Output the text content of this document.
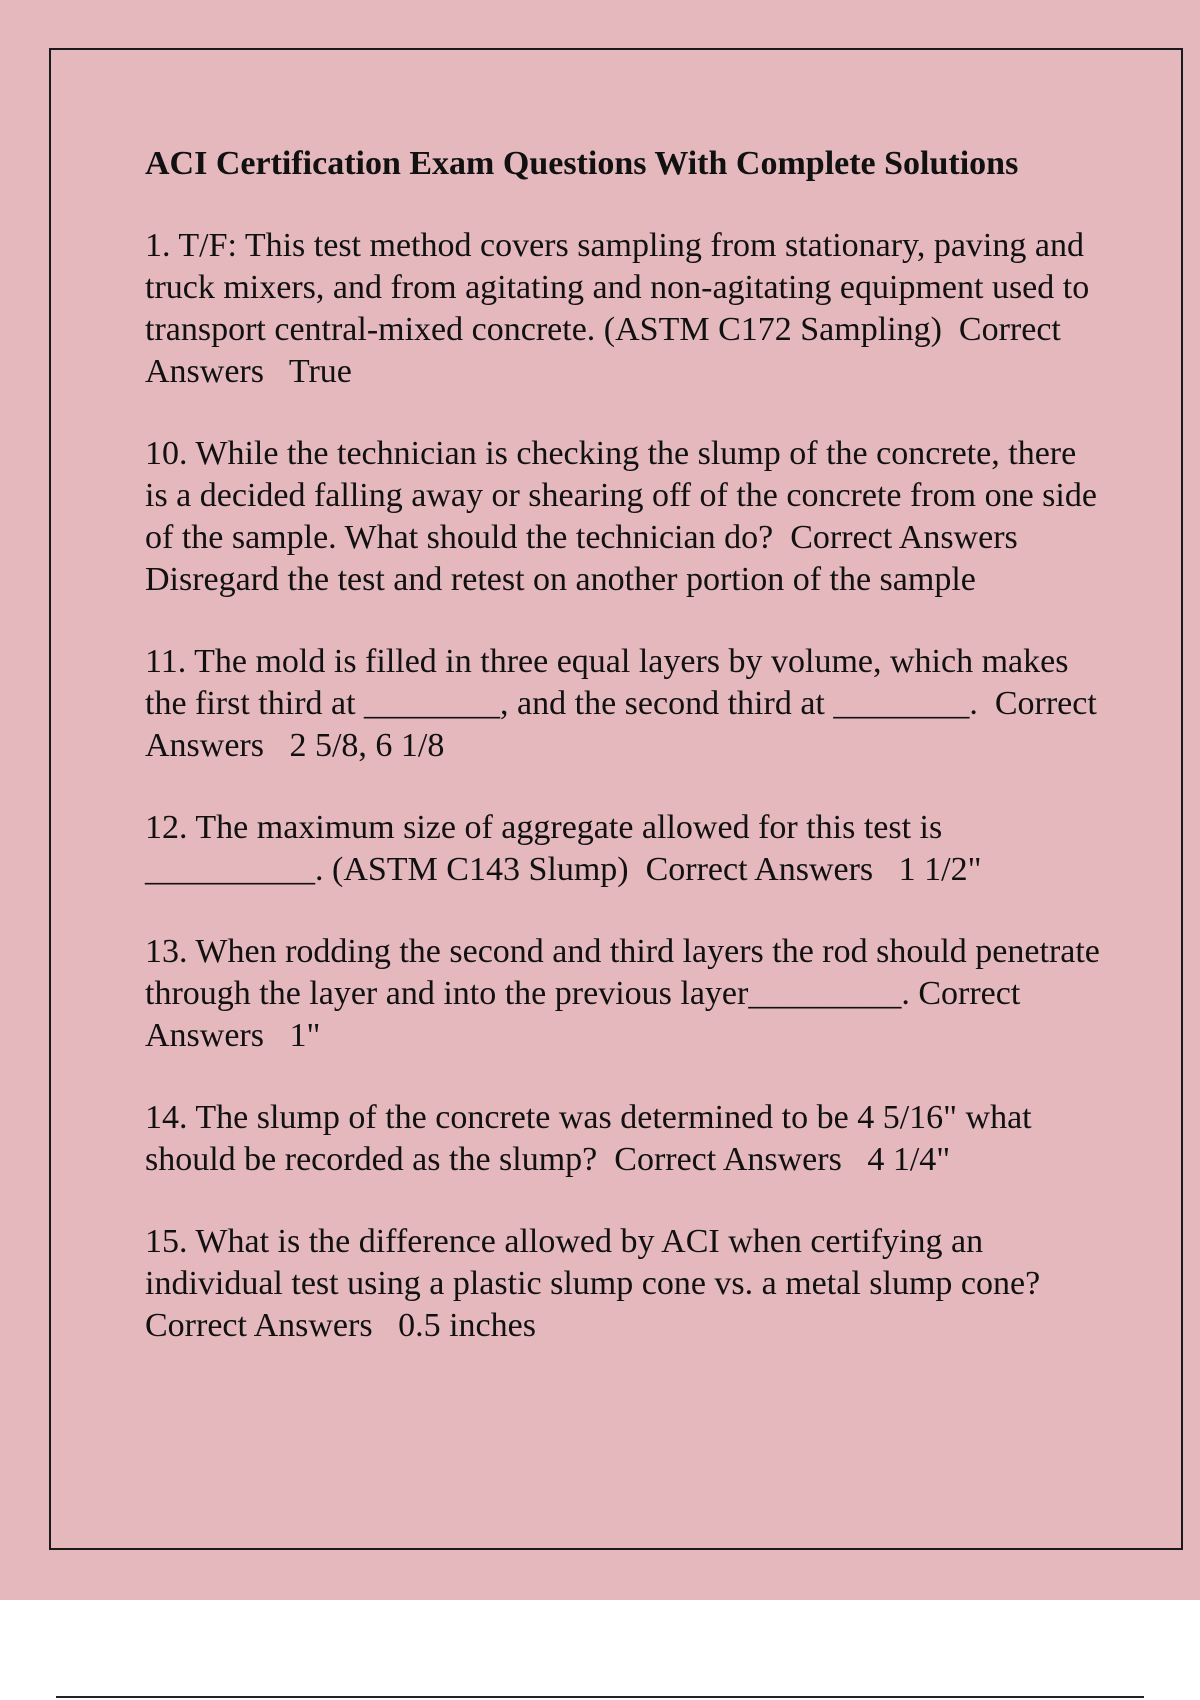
ACI Certification Exam Questions With Complete Solutions
1. T/F: This test method covers sampling from stationary, paving and truck mixers, and from agitating and non-agitating equipment used to transport central-mixed concrete. (ASTM C172 Sampling) Correct Answers True
10. While the technician is checking the slump of the concrete, there is a decided falling away or shearing off of the concrete from one side of the sample. What should the technician do? Correct Answers   Disregard the test and retest on another portion of the sample
11. The mold is filled in three equal layers by volume, which makes the first third at ________, and the second third at ________. Correct Answers 2 5/8, 6 1/8
12. The maximum size of aggregate allowed for this test is __________. (ASTM C143 Slump) Correct Answers 1 1/2"
13. When rodding the second and third layers the rod should penetrate through the layer and into the previous layer_________. Correct Answers 1"
14. The slump of the concrete was determined to be 4 5/16" what should be recorded as the slump? Correct Answers 4 1/4"
15. What is the difference allowed by ACI when certifying an individual test using a plastic slump cone vs. a metal slump cone?  Correct Answers 0.5 inches
